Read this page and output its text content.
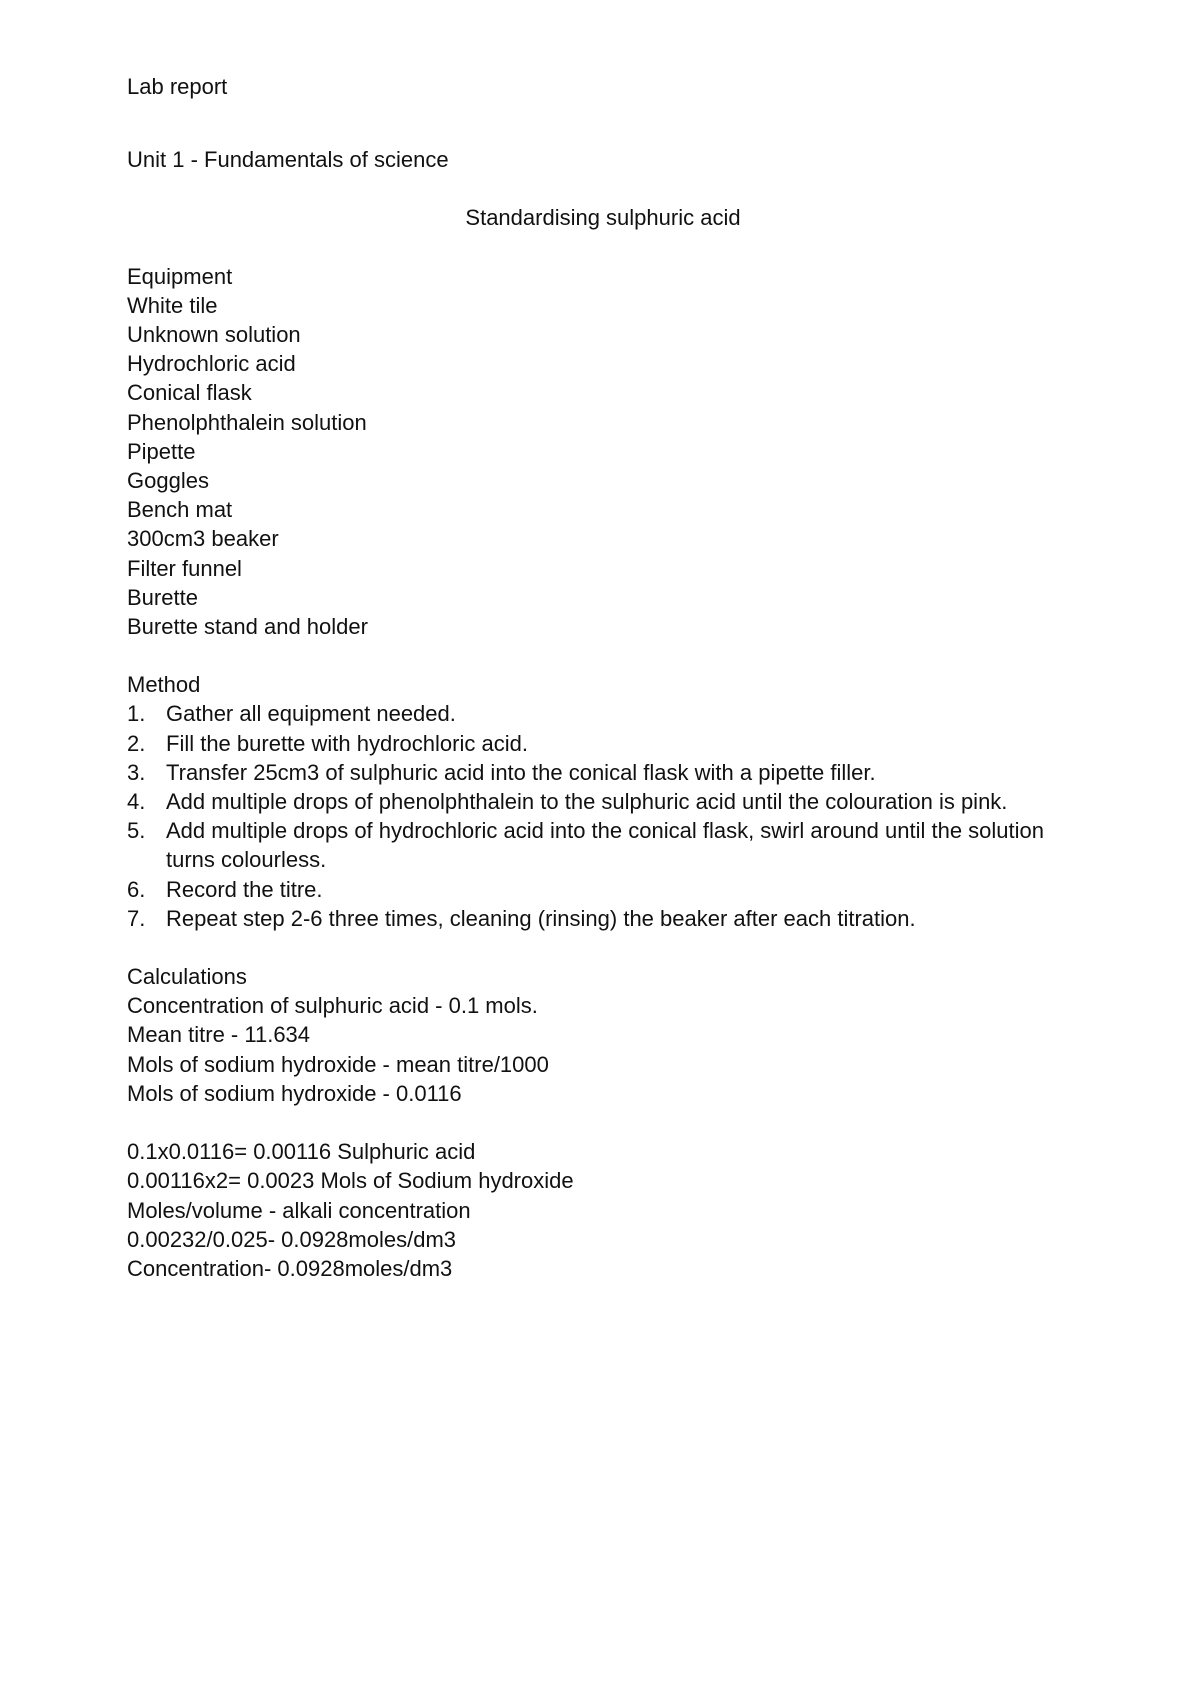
Lab report
Unit 1 - Fundamentals of science
Standardising sulphuric acid
Equipment
White tile
Unknown solution
Hydrochloric acid
Conical flask
Phenolphthalein solution
Pipette
Goggles
Bench mat
300cm3 beaker
Filter funnel
Burette
Burette stand and holder
Method
1. Gather all equipment needed.
2. Fill the burette with hydrochloric acid.
3. Transfer 25cm3 of sulphuric acid into the conical flask with a pipette filler.
4. Add multiple drops of phenolphthalein to the sulphuric acid until the colouration is pink.
5. Add multiple drops of hydrochloric acid into the conical flask, swirl around until the solution turns colourless.
6. Record the titre.
7. Repeat step 2-6 three times, cleaning (rinsing) the beaker after each titration.
Calculations
Concentration of sulphuric acid - 0.1 mols.
Mean titre - 11.634
Mols of sodium hydroxide - mean titre/1000
Mols of sodium hydroxide - 0.0116
0.1x0.0116= 0.00116 Sulphuric acid
0.00116x2= 0.0023 Mols of Sodium hydroxide
Moles/volume - alkali concentration
0.00232/0.025- 0.0928moles/dm3
Concentration- 0.0928moles/dm3
